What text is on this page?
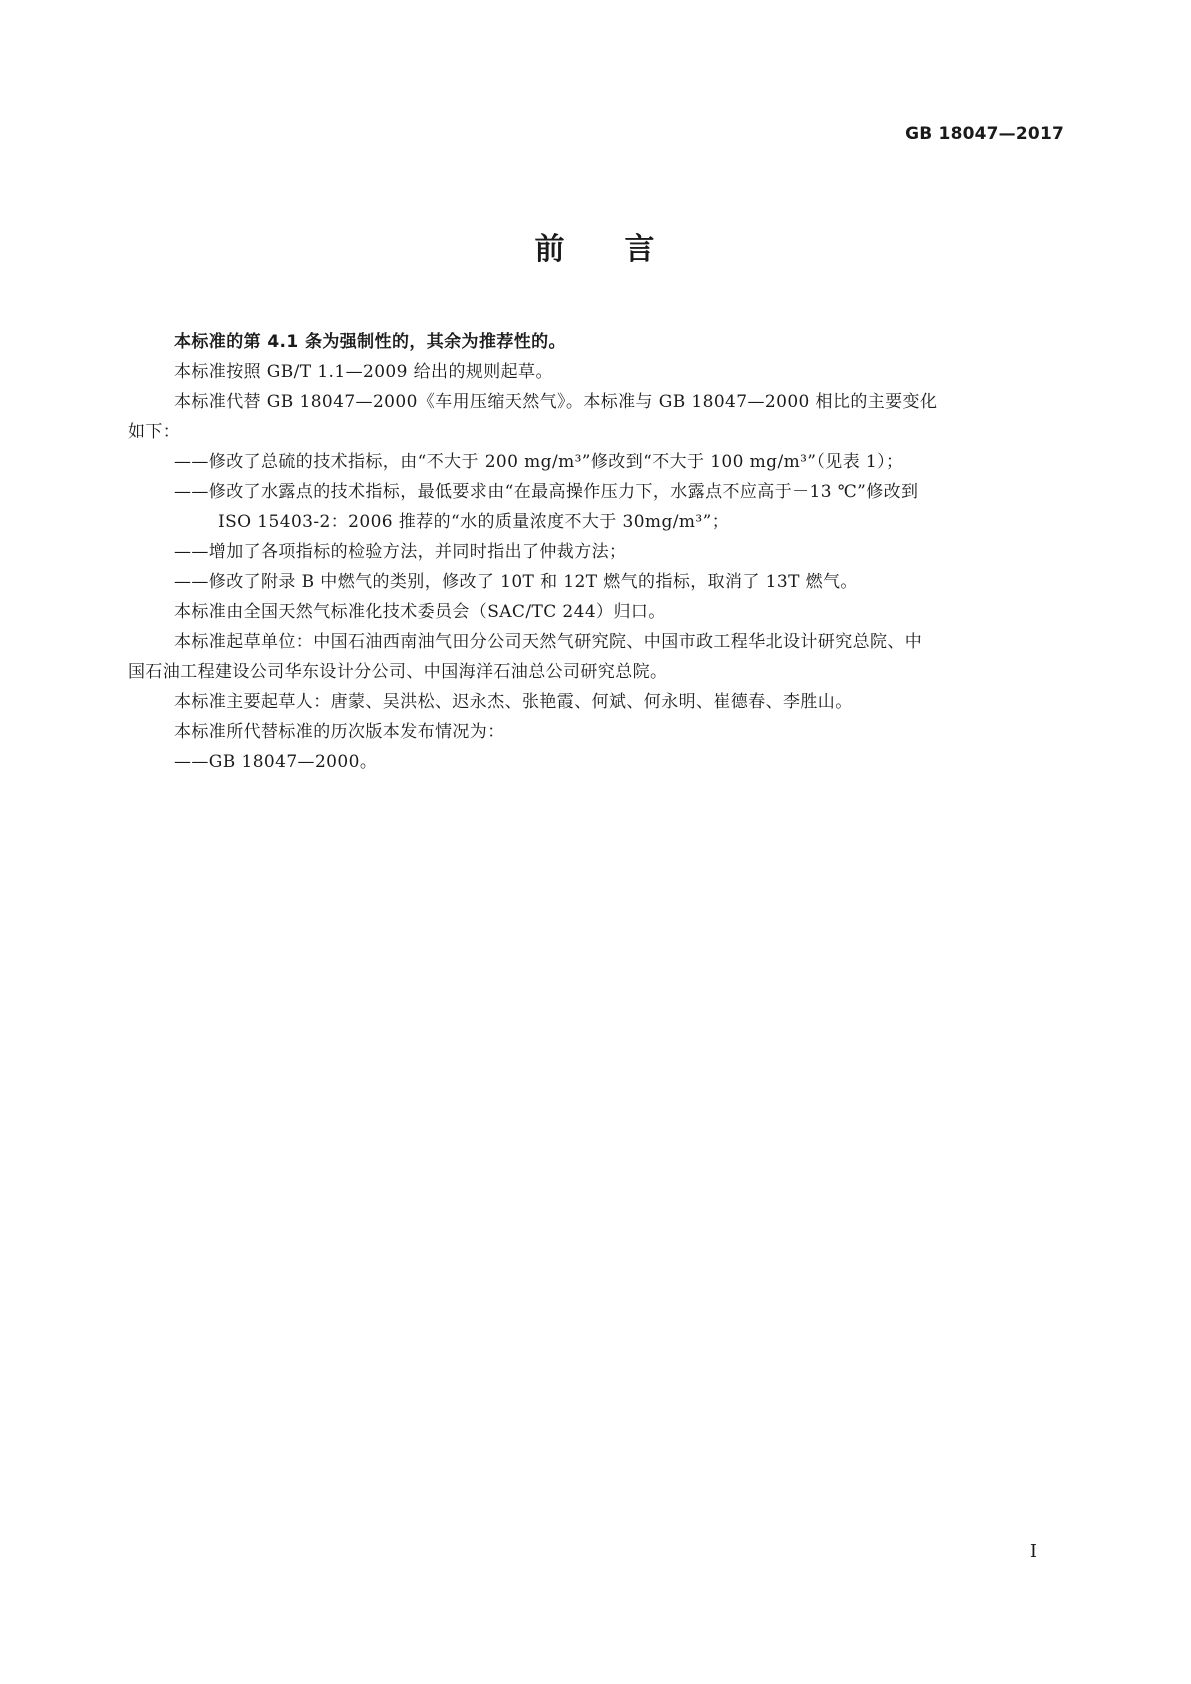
GB 18047—2017
前 言
本标准的第 4.1 条为强制性的，其余为推荐性的。
本标准按照 GB/T 1.1—2009 给出的规则起草。
本标准代替 GB 18047—2000《车用压缩天然气》。本标准与 GB 18047—2000 相比的主要变化
如下：
——修改了总硫的技术指标，由“不大于 200 mg/m³”修改到“不大于 100 mg/m³”（见表 1）；
——修改了水露点的技术指标，最低要求由“在最高操作压力下，水露点不应高于－13 ℃”修改到
ISO 15403-2：2006 推荐的“水的质量浓度不大于 30mg/m³”；
——增加了各项指标的检验方法，并同时指出了仲裁方法；
——修改了附录 B 中燃气的类别，修改了 10T 和 12T 燃气的指标，取消了 13T 燃气。
本标准由全国天然气标准化技术委员会（SAC/TC 244）归口。
本标准起草单位：中国石油西南油气田分公司天然气研究院、中国市政工程华北设计研究总院、中
国石油工程建设公司华东设计分公司、中国海洋石油总公司研究总院。
本标准主要起草人：唐蒙、吴洪松、迟永杰、张艳霞、何斌、何永明、崔德春、李胜山。
本标准所代替标准的历次版本发布情况为：
——GB 18047—2000。
I
